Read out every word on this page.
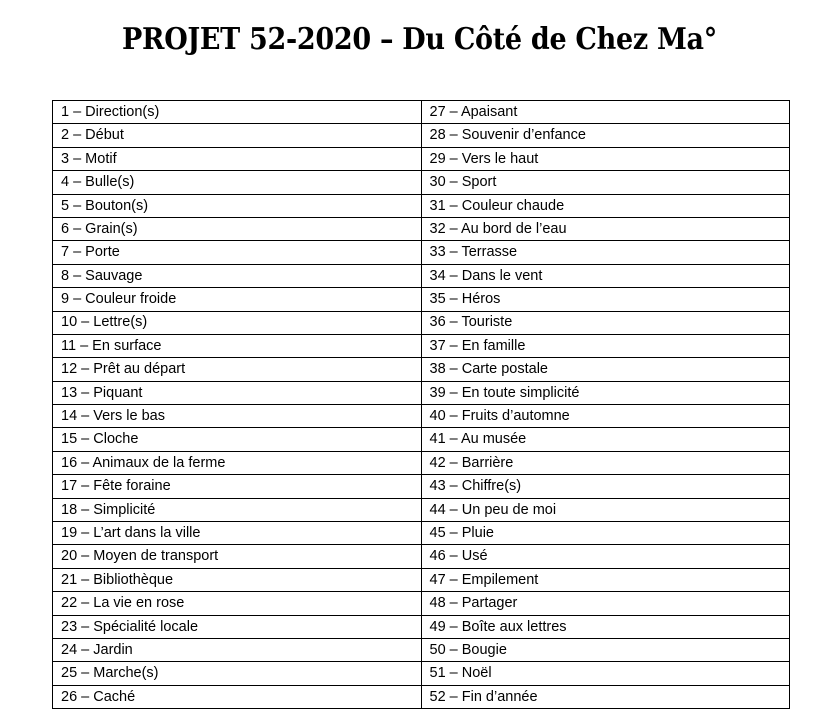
PROJET 52-2020 – Du Côté de Chez Ma°
1 – Direction(s)	27 – Apaisant
2 – Début	28 – Souvenir d’enfance
3 – Motif	29 – Vers le haut
4 – Bulle(s)	30 – Sport
5 – Bouton(s)	31 – Couleur chaude
6 – Grain(s)	32 – Au bord de l’eau
7 – Porte	33 – Terrasse
8 – Sauvage	34 – Dans le vent
9 – Couleur froide	35 – Héros
10 – Lettre(s)	36 – Touriste
11 – En surface	37 – En famille
12 – Prêt au départ	38 – Carte postale
13 – Piquant	39 – En toute simplicité
14 – Vers le bas	40 – Fruits d’automne
15 – Cloche	41 – Au musée
16 – Animaux de la ferme	42 – Barrière
17 – Fête foraine	43 – Chiffre(s)
18 – Simplicité	44 – Un peu de moi
19 – L’art dans la ville	45 – Pluie
20 – Moyen de transport	46 – Usé
21 – Bibliothèque	47 – Empilement
22 – La vie en rose	48 – Partager
23 – Spécialité locale	49 – Boîte aux lettres
24 – Jardin	50 – Bougie
25 – Marche(s)	51 – Noël
26 – Caché	52 – Fin d’année
